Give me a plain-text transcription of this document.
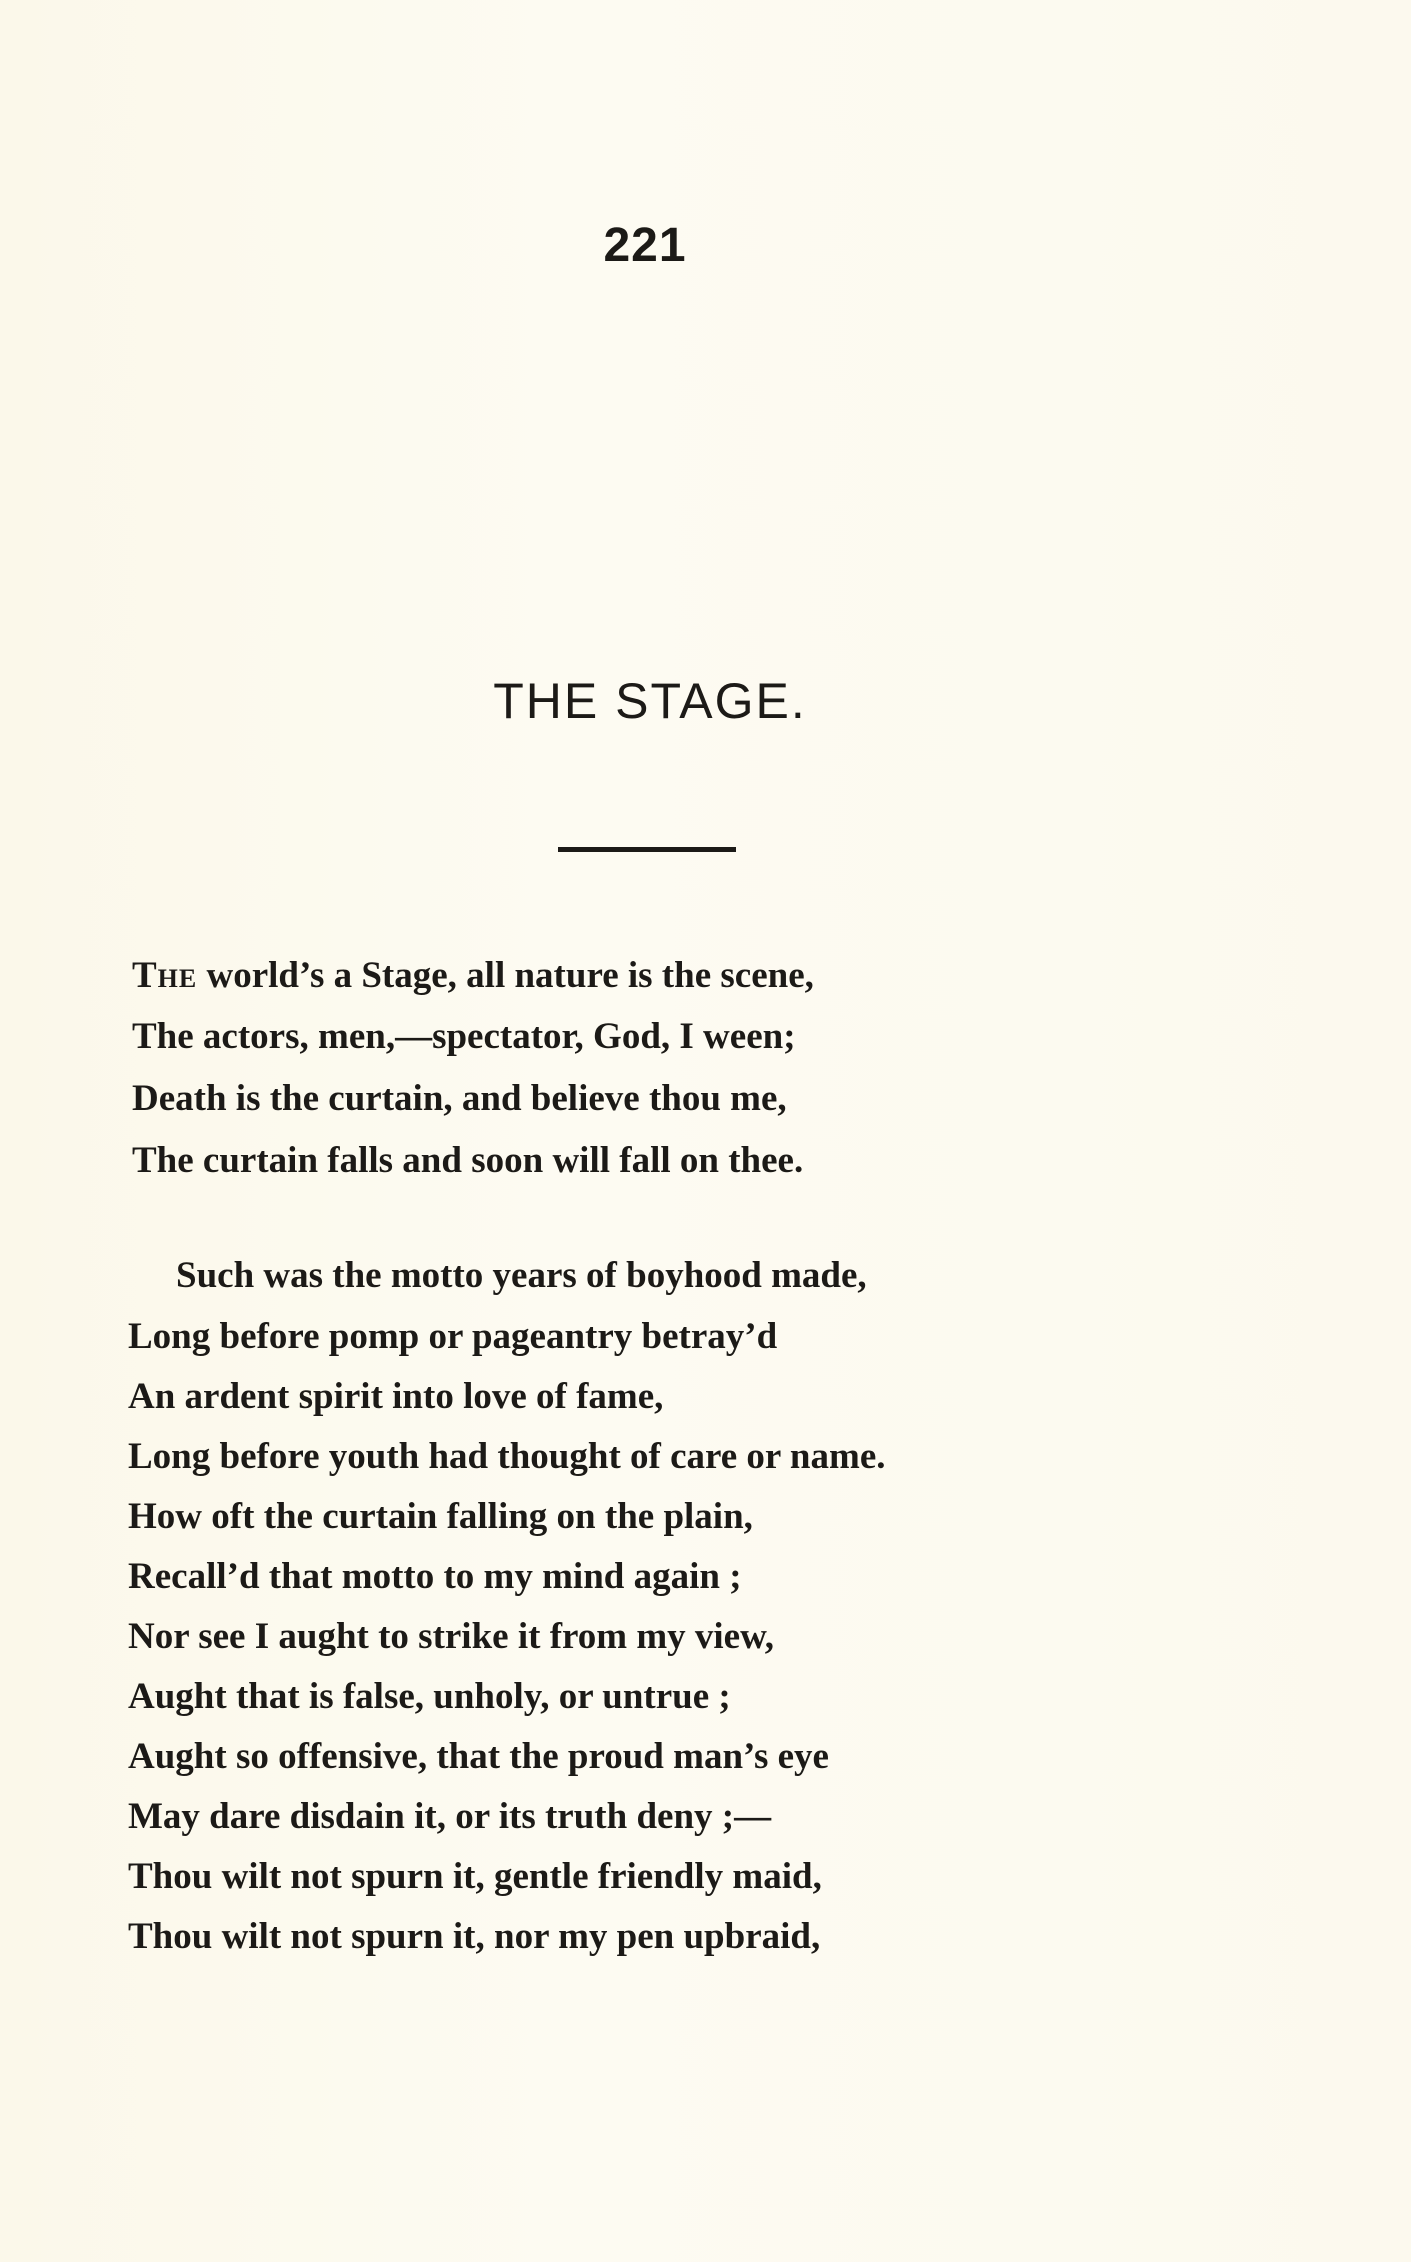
221
THE STAGE.
The world’s a Stage, all nature is the scene,
The actors, men,—spectator, God, I ween;
Death is the curtain, and believe thou me,
The curtain falls and soon will fall on thee.
Such was the motto years of boyhood made,
Long before pomp or pageantry betray’d
An ardent spirit into love of fame,
Long before youth had thought of care or name.
How oft the curtain falling on the plain,
Recall’d that motto to my mind again ;
Nor see I aught to strike it from my view,
Aught that is false, unholy, or untrue ;
Aught so offensive, that the proud man’s eye
May dare disdain it, or its truth deny ;—
Thou wilt not spurn it, gentle friendly maid,
Thou wilt not spurn it, nor my pen upbraid,
